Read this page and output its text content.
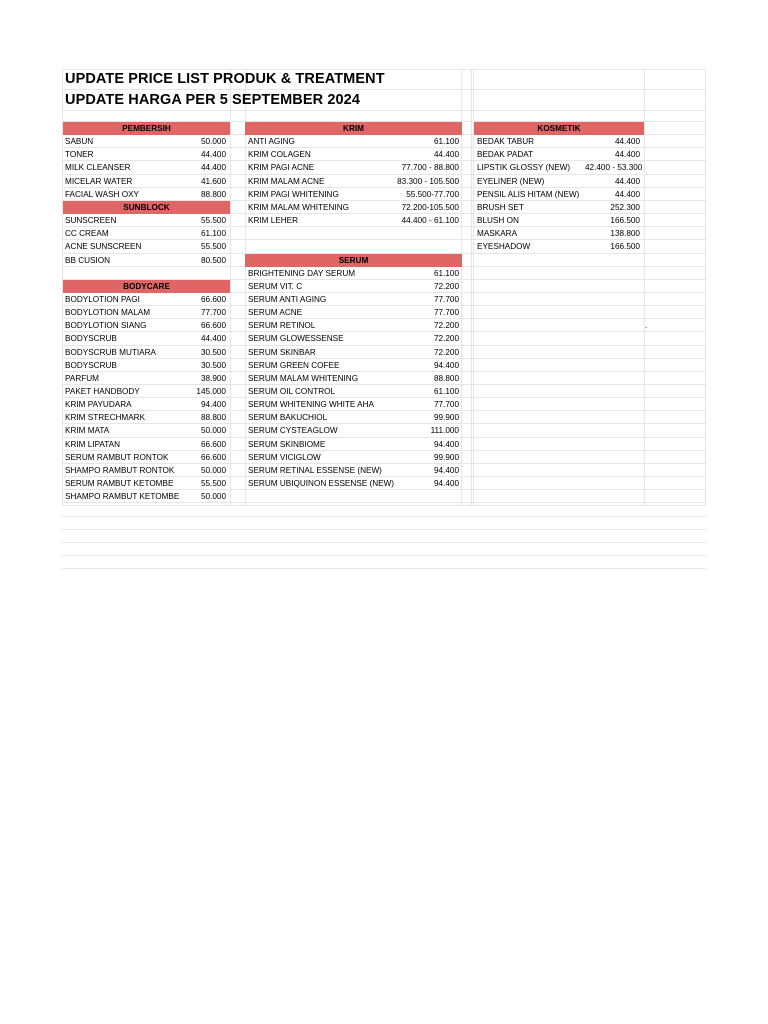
UPDATE PRICE LIST PRODUK & TREATMENT
UPDATE HARGA PER 5 SEPTEMBER 2024
PEMBERSIH
SABUN	50.000
TONER	44.400
MILK CLEANSER	44.400
MICELAR WATER	41.600
FACIAL WASH OXY	88.800
SUNBLOCK
SUNSCREEN	55.500
CC CREAM	61.100
ACNE SUNSCREEN	55.500
BB CUSION	80.500
BODYCARE
BODYLOTION PAGI	66.600
BODYLOTION MALAM	77.700
BODYLOTION SIANG	66.600
BODYSCRUB	44.400
BODYSCRUB MUTIARA	30.500
BODYSCRUB	30.500
PARFUM	38.900
PAKET HANDBODY	145.000
KRIM PAYUDARA	94.400
KRIM STRECHMARK	88.800
KRIM MATA	50.000
KRIM LIPATAN	66.600
SERUM RAMBUT RONTOK	66.600
SHAMPO RAMBUT RONTOK	50.000
SERUM RAMBUT KETOMBE	55.500
SHAMPO RAMBUT KETOMBE	50.000
KRIM
ANTI AGING	61.100
KRIM COLAGEN	44.400
KRIM PAGI ACNE	77.700 - 88.800
KRIM MALAM ACNE	83.300 - 105.500
KRIM PAGI WHITENING	55.500-77.700
KRIM MALAM WHITENING	72.200-105.500
KRIM LEHER	44.400 - 61.100
SERUM
BRIGHTENING DAY SERUM	61.100
SERUM VIT. C	72.200
SERUM ANTI AGING	77.700
SERUM ACNE	77.700
SERUM RETINOL	72.200
SERUM GLOWESSENSE	72.200
SERUM SKINBAR	72.200
SERUM GREEN COFEE	94.400
SERUM MALAM WHITENING	88.800
SERUM OIL CONTROL	61.100
SERUM WHITENING WHITE AHA	77.700
SERUM BAKUCHIOL	99.900
SERUM CYSTEAGLOW	111.000
SERUM SKINBIOME	94.400
SERUM VICIGLOW	99.900
SERUM RETINAL ESSENSE (NEW)	94.400
SERUM UBIQUINON ESSENSE (NEW)	94.400
KOSMETIK
BEDAK TABUR	44.400
BEDAK PADAT	44.400
LIPSTIK GLOSSY (NEW)	42.400 - 53.300
EYELINER (NEW)	44.400
PENSIL ALIS HITAM (NEW)	44.400
BRUSH SET	252.300
BLUSH ON	166.500
MASKARA	138.800
EYESHADOW	166.500
.
